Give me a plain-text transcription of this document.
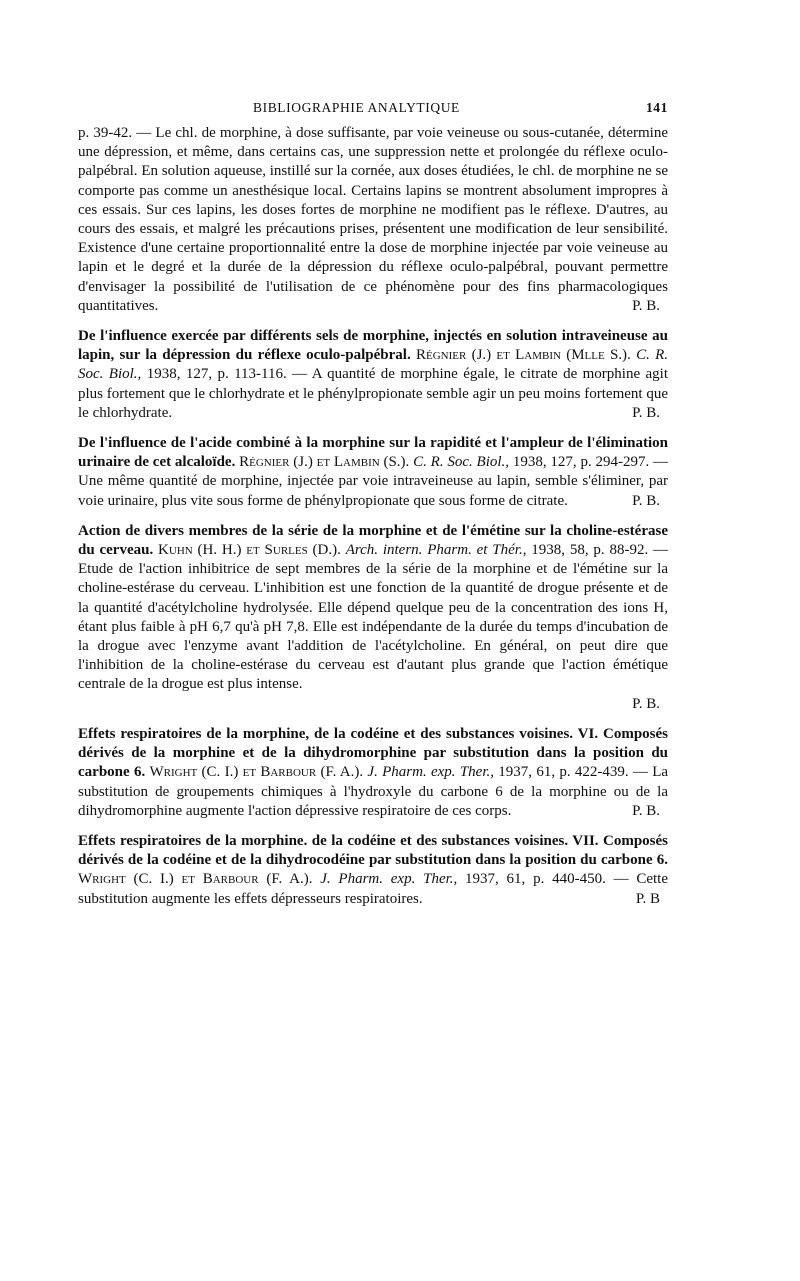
BIBLIOGRAPHIE ANALYTIQUE	141

p. 39-42. — Le chl. de morphine, à dose suffisante, par voie veineuse ou sous-cutanée, détermine une dépression, et même, dans certains cas, une suppression nette et prolongée du réflexe oculo-palpébral. En solution aqueuse, instillé sur la cornée, aux doses étudiées, le chl. de morphine ne se comporte pas comme un anesthésique local. Certains lapins se montrent absolument impropres à ces essais. Sur ces lapins, les doses fortes de morphine ne modifient pas le réflexe. D'autres, au cours des essais, et malgré les précautions prises, présentent une modification de leur sensibilité. Existence d'une certaine proportionnalité entre la dose de morphine injectée par voie veineuse au lapin et le degré et la durée de la dépression du réflexe oculo-palpébral, pouvant permettre d'envisager la possibilité de l'utilisation de ce phénomène pour des fins pharmacologiques quantitatives.	P. B.

De l'influence exercée par différents sels de morphine, injectés en solution intraveineuse au lapin, sur la dépression du réflexe oculo-palpébral. Régnier (J.) et Lambin (Mlle S.). C. R. Soc. Biol., 1938, 127, p. 113-116. — A quantité de morphine égale, le citrate de morphine agit plus fortement que le chlorhydrate et le phénylpropionate semble agir un peu moins fortement que le chlorhydrate.	P. B.

De l'influence de l'acide combiné à la morphine sur la rapidité et l'ampleur de l'élimination urinaire de cet alcaloïde. Régnier (J.) et Lambin (S.). C. R. Soc. Biol., 1938, 127, p. 294-297. — Une même quantité de morphine, injectée par voie intraveineuse au lapin, semble s'éliminer, par voie urinaire, plus vite sous forme de phénylpropionate que sous forme de citrate.	P. B.

Action de divers membres de la série de la morphine et de l'émétine sur la choline-estérase du cerveau. Kuhn (H. H.) et Surles (D.). Arch. intern. Pharm. et Thér., 1938, 58, p. 88-92. — Etude de l'action inhibitrice de sept membres de la série de la morphine et de l'émétine sur la choline-estérase du cerveau. L'inhibition est une fonction de la quantité de drogue présente et de la quantité d'acétylcholine hydrolysée. Elle dépend quelque peu de la concentration des ions H, étant plus faible à pH 6,7 qu'à pH 7,8. Elle est indépendante de la durée du temps d'incubation de la drogue avec l'enzyme avant l'addition de l'acétylcholine. En général, on peut dire que l'inhibition de la choline-estérase du cerveau est d'autant plus grande que l'action émétique centrale de la drogue est plus intense.

P. B.

Effets respiratoires de la morphine, de la codéine et des substances voisines. VI. Composés dérivés de la morphine et de la dihydromorphine par substitution dans la position du carbone 6. Wright (C. I.) et Barbour (F. A.). J. Pharm. exp. Ther., 1937, 61, p. 422-439. — La substitution de groupements chimiques à l'hydroxyle du carbone 6 de la morphine ou de la dihydromorphine augmente l'action dépressive respiratoire de ces corps.	P. B.

Effets respiratoires de la morphine. de la codéine et des substances voisines. VII. Composés dérivés de la codéine et de la dihydrocodéine par substitution dans la position du carbone 6. Wright (C. I.) et Barbour (F. A.). J. Pharm. exp. Ther., 1937, 61, p. 440-450. — Cette substitution augmente les effets dépresseurs respiratoires.	P. B
